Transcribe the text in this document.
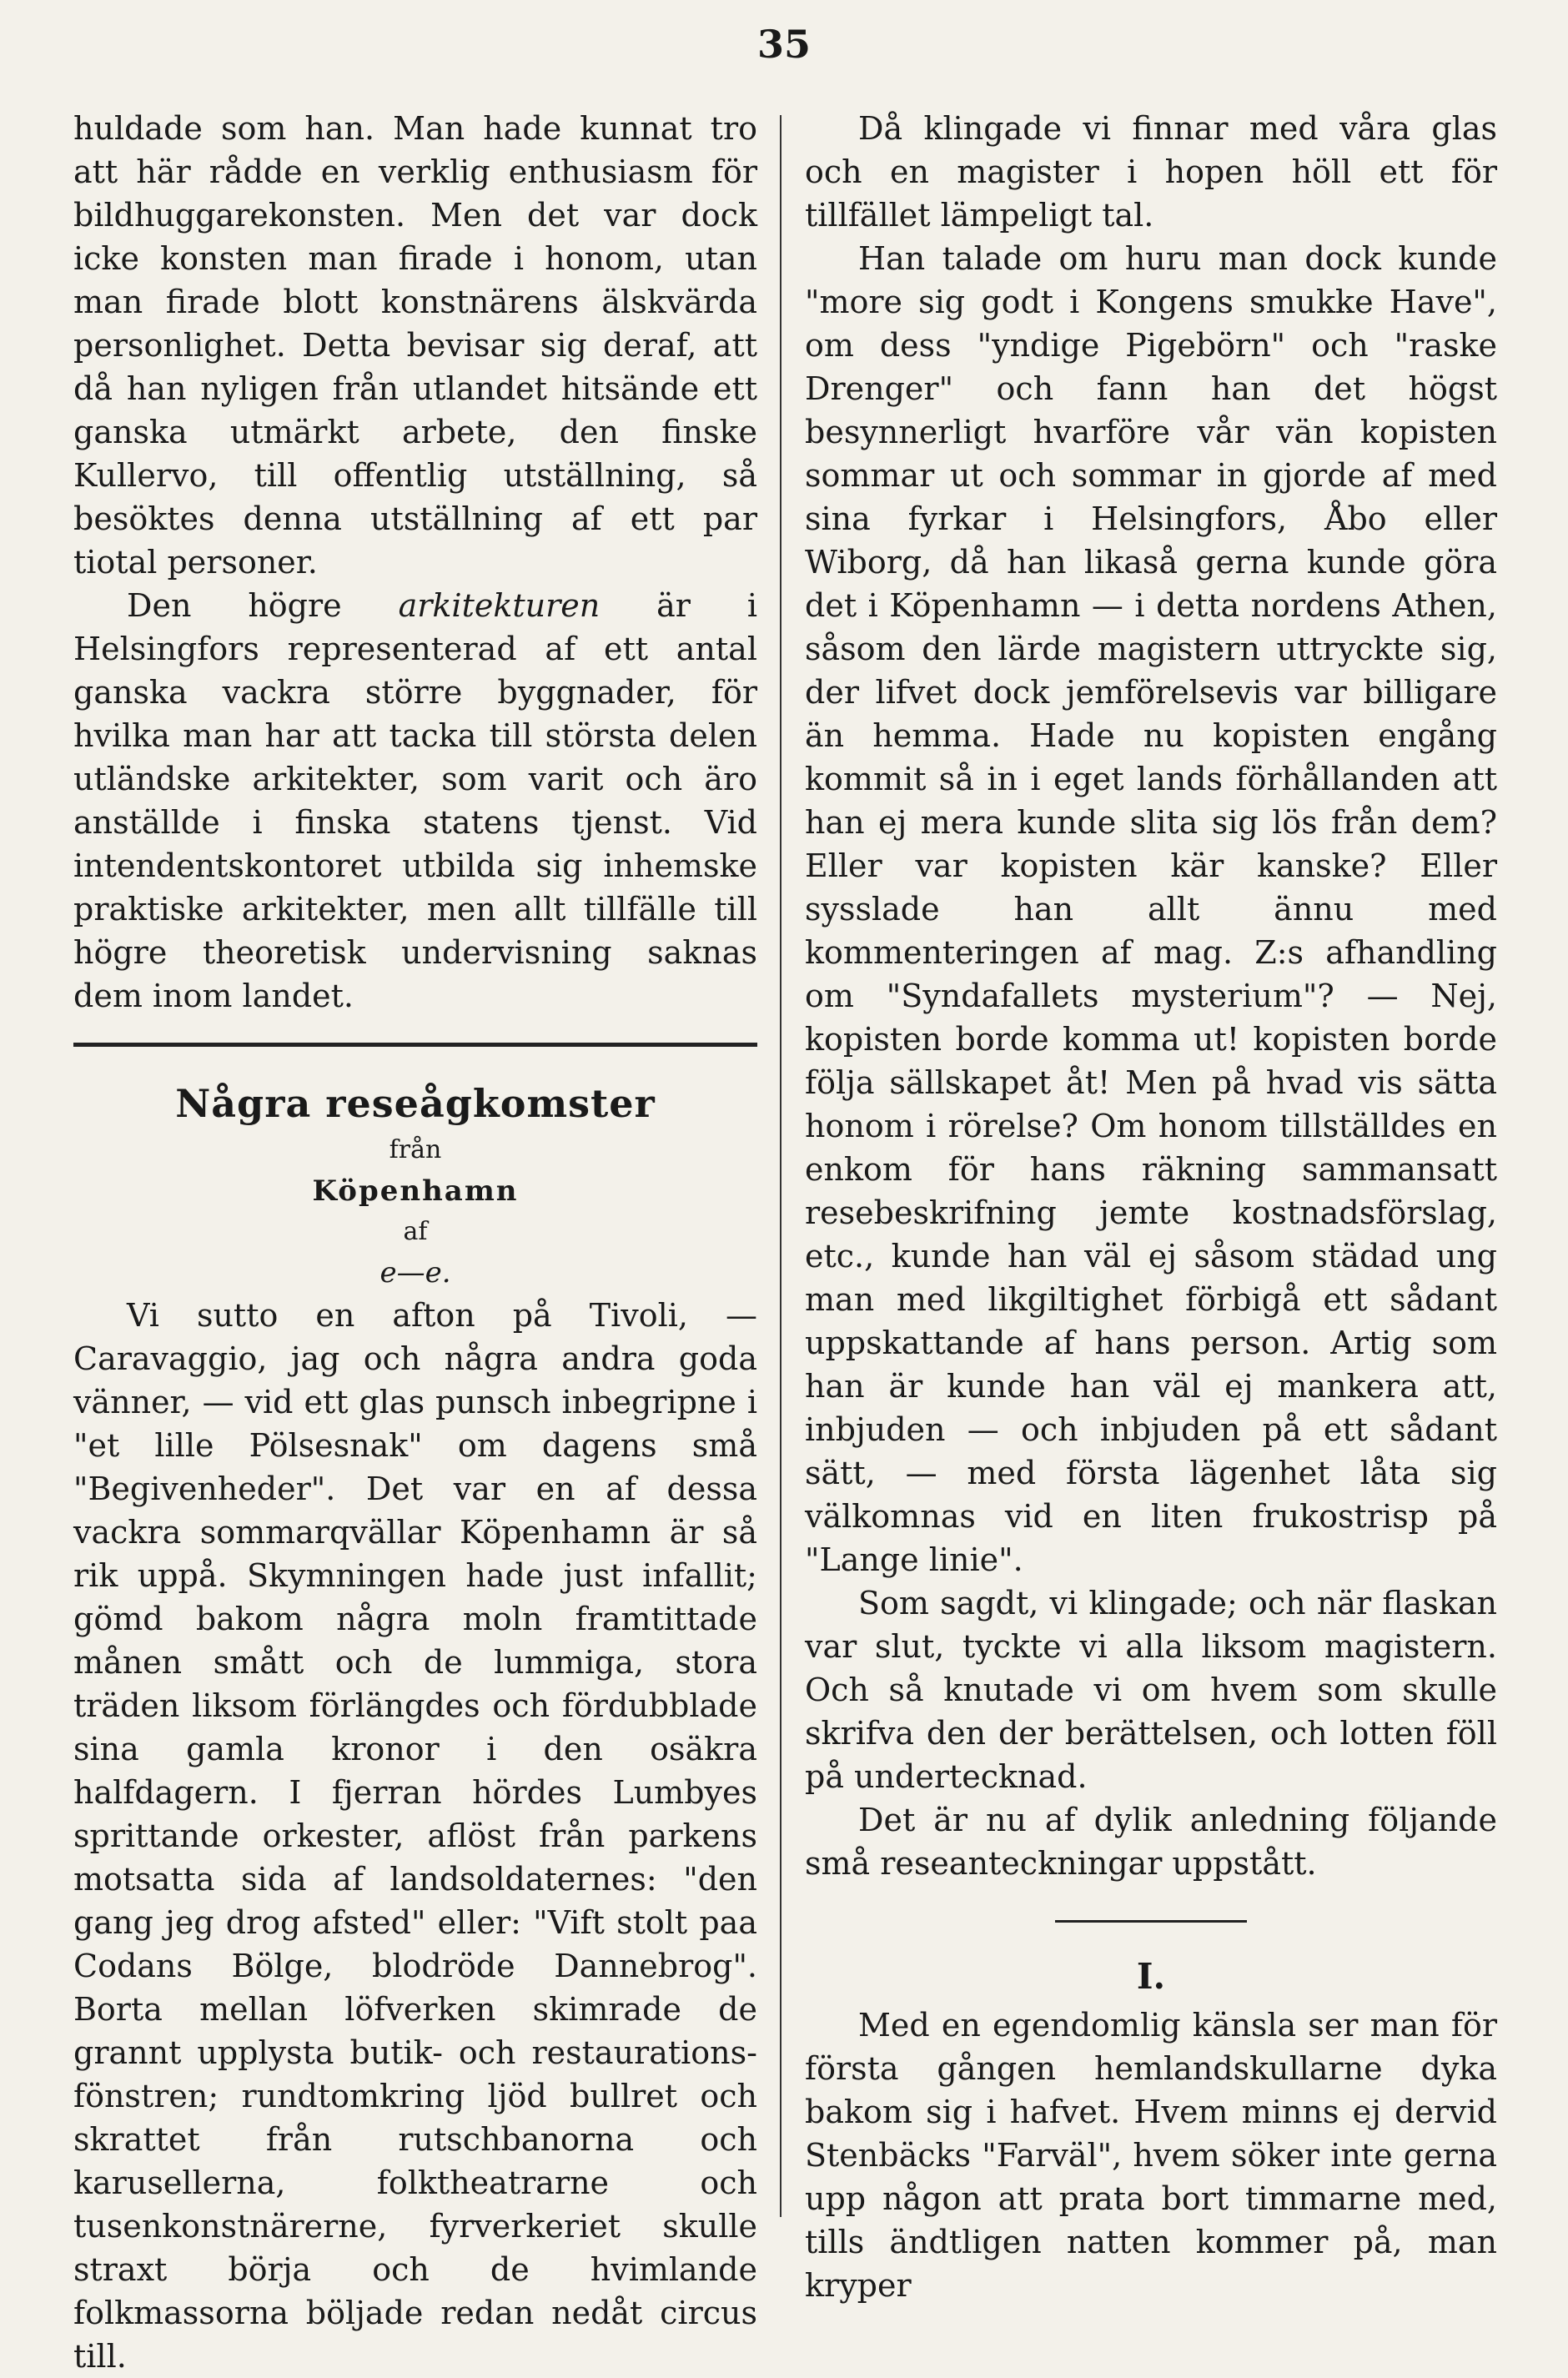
35

huldade som han. Man hade kunnat tro att här rådde en verklig enthusiasm för bildhuggarekonsten. Men det var dock icke konsten man firade i honom, utan man firade blott konstnärens älskvärda personlighet. Detta bevisar sig deraf, att då han nyligen från utlandet hitsände ett ganska utmärkt arbete, den finske Kullervo, till offentlig utställning, så besöktes denna utställning af ett par tiotal personer.

Den högre arkitekturen är i Helsingfors representerad af ett antal ganska vackra större byggnader, för hvilka man har att tacka till största delen utländske arkitekter, som varit och äro anställde i finska statens tjenst. Vid intendentskontoret utbilda sig inhemske praktiske arkitekter, men allt tillfälle till högre theoretisk undervisning saknas dem inom landet.

Några reseågkomster
från
Köpenhamn
af
e—e.

Vi sutto en afton på Tivoli, — Caravaggio, jag och några andra goda vänner, — vid ett glas punsch inbegripne i "et lille Pölsesnak" om dagens små "Begivenheder". Det var en af dessa vackra sommarqvällar Köpenhamn är så rik uppå. Skymningen hade just infallit; gömd bakom några moln framtittade månen smått och de lummiga, stora träden liksom förlängdes och fördubblade sina gamla kronor i den osäkra halfdagern. I fjerran hördes Lumbyes sprittande orkester, aflöst från parkens motsatta sida af landsoldaternes: "den gang jeg drog afsted" eller: "Vift stolt paa Codans Bölge, blodröde Dannebrog". Borta mellan löfverken skimrade de grannt upplysta butik- och restaurations-fönstren; rundtomkring ljöd bullret och skrattet från rutschbanorna och karusellerna, folktheatrarne och tusenkonstnärerne, fyrverkeriet skulle straxt börja och de hvimlande folkmassorna böljade redan nedåt circus till.

Då klingade vi finnar med våra glas och en magister i hopen höll ett för tillfället lämpeligt tal.

Han talade om huru man dock kunde "more sig godt i Kongens smukke Have", om dess "yndige Pigebörn" och "raske Drenger" och fann han det högst besynnerligt hvarföre vår vän kopisten sommar ut och sommar in gjorde af med sina fyrkar i Helsingfors, Åbo eller Wiborg, då han likaså gerna kunde göra det i Köpenhamn — i detta nordens Athen, såsom den lärde magistern uttryckte sig, der lifvet dock jemförelsevis var billigare än hemma. Hade nu kopisten engång kommit så in i eget lands förhållanden att han ej mera kunde slita sig lös från dem? Eller var kopisten kär kanske? Eller sysslade han allt ännu med kommenteringen af mag. Z:s afhandling om "Syndafallets mysterium"? — Nej, kopisten borde komma ut! kopisten borde följa sällskapet åt! Men på hvad vis sätta honom i rörelse? Om honom tillställdes en enkom för hans räkning sammansatt resebeskrifning jemte kostnadsförslag, etc., kunde han väl ej såsom städad ung man med likgiltighet förbigå ett sådant uppskattande af hans person. Artig som han är kunde han väl ej mankera att, inbjuden — och inbjuden på ett sådant sätt, — med första lägenhet låta sig välkomnas vid en liten frukostrisp på "Lange linie".

Som sagdt, vi klingade; och när flaskan var slut, tyckte vi alla liksom magistern. Och så knutade vi om hvem som skulle skrifva den der berättelsen, och lotten föll på undertecknad.

Det är nu af dylik anledning följande små reseanteckningar uppstått.

I.

Med en egendomlig känsla ser man för första gången hemlandskullarne dyka bakom sig i hafvet. Hvem minns ej dervid Stenbäcks "Farväl", hvem söker inte gerna upp någon att prata bort timmarne med, tills ändtligen natten kommer på, man kryper
